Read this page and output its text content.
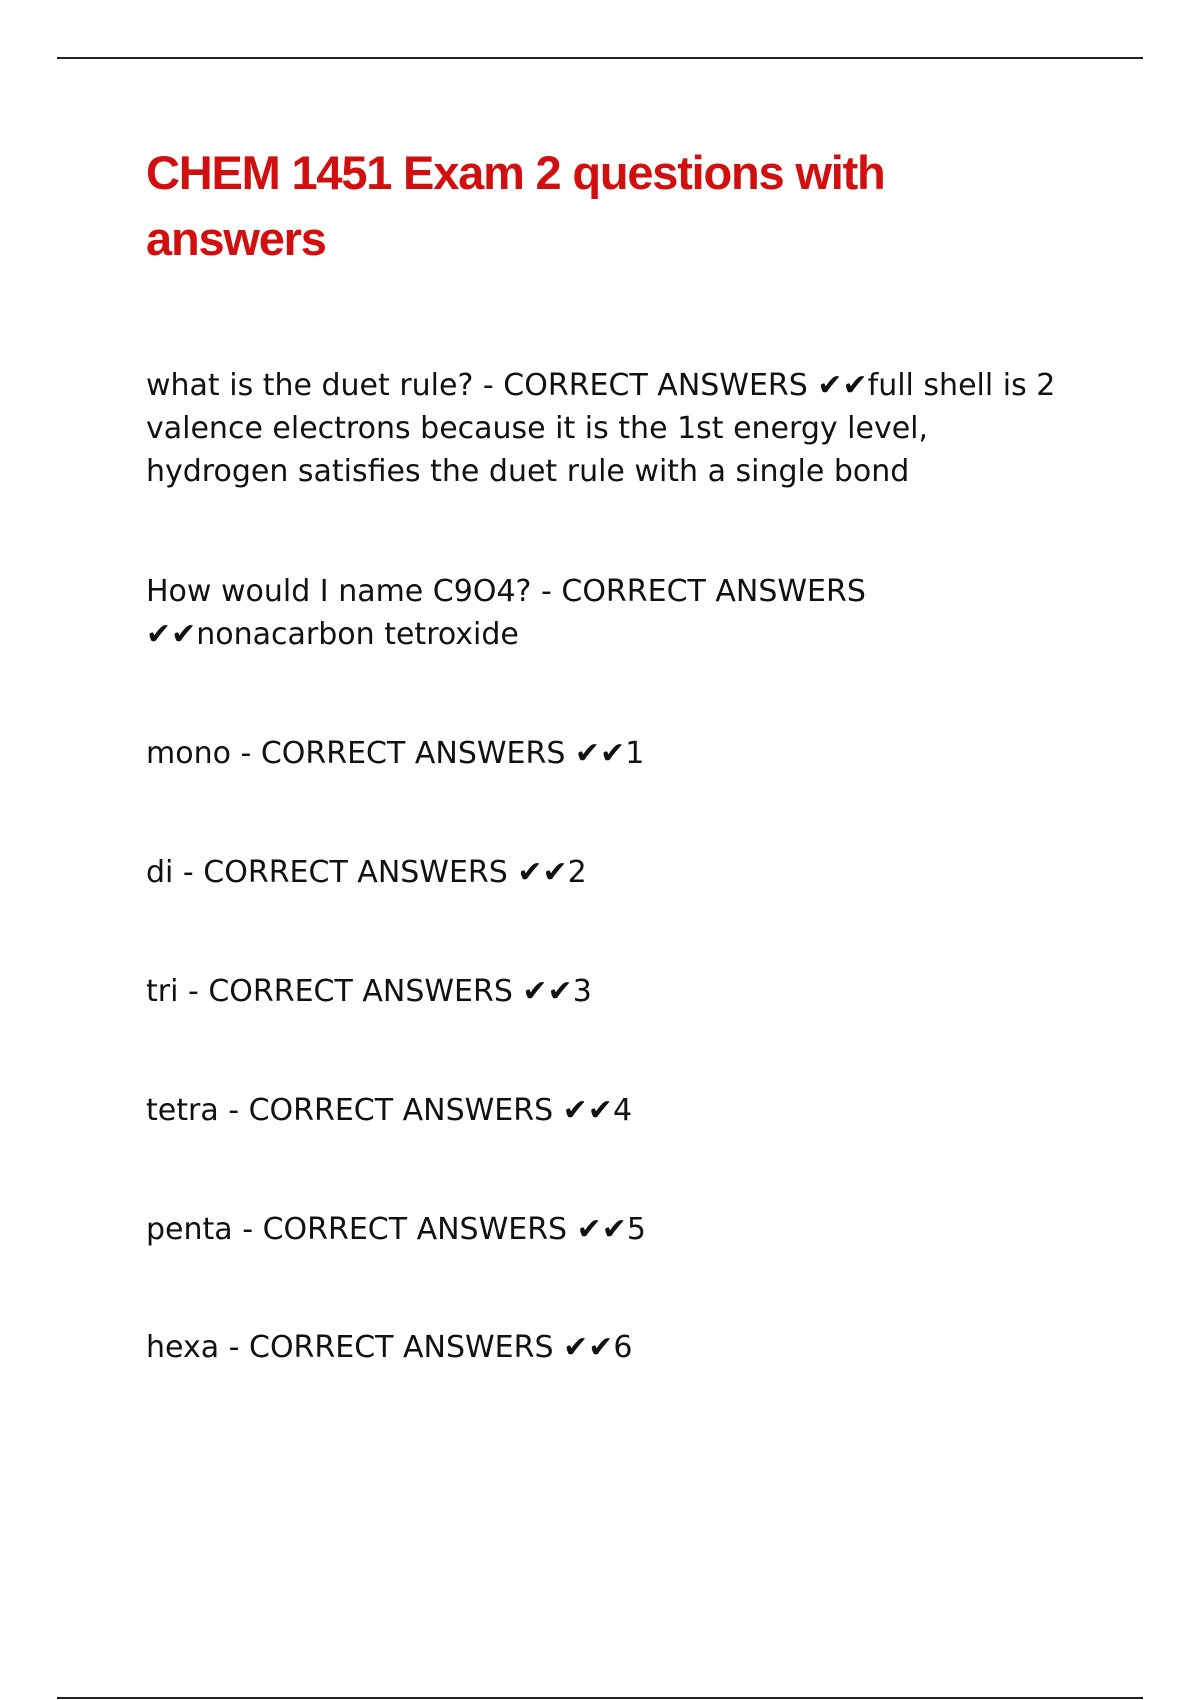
CHEM 1451 Exam 2 questions with answers

what is the duet rule? - CORRECT ANSWERS ✔✔full shell is 2 valence electrons because it is the 1st energy level, hydrogen satisfies the duet rule with a single bond

How would I name C9O4? - CORRECT ANSWERS ✔✔nonacarbon tetroxide

mono - CORRECT ANSWERS ✔✔1

di - CORRECT ANSWERS ✔✔2

tri - CORRECT ANSWERS ✔✔3

tetra - CORRECT ANSWERS ✔✔4

penta - CORRECT ANSWERS ✔✔5

hexa - CORRECT ANSWERS ✔✔6
